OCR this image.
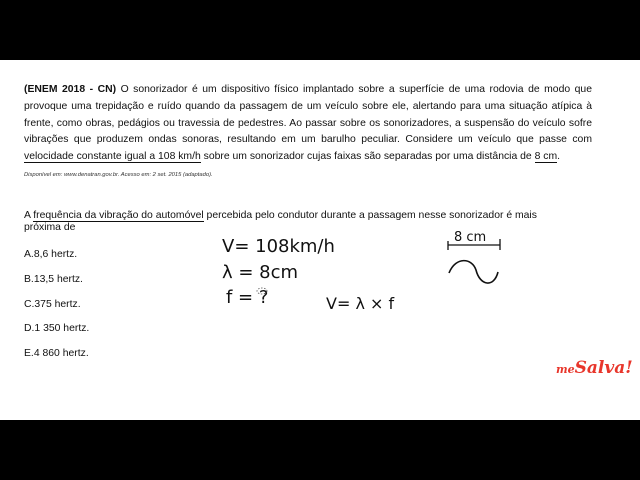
(ENEM 2018 - CN) O sonorizador é um dispositivo físico implantado sobre a superfície de uma rodovia de modo que provoque uma trepidação e ruído quando da passagem de um veículo sobre ele, alertando para uma situação atípica à frente, como obras, pedágios ou travessia de pedestres. Ao passar sobre os sonorizadores, a suspensão do veículo sofre vibrações que produzem ondas sonoras, resultando em um barulho peculiar. Considere um veículo que passe com velocidade constante igual a 108 km/h sobre um sonorizador cujas faixas são separadas por uma distância de 8 cm.
Disponível em: www.denatran.gov.br. Acesso em: 2 set. 2015 (adaptado).
A frequência da vibração do automóvel percebida pelo condutor durante a passagem nesse sonorizador é mais próxima de
A.8,6 hertz.
B.13,5 hertz.
C.375 hertz.
D.1 350 hertz.
E.4 860 hertz.
V= 108km/h
λ = 8cm
f = ?	V= λ × f
8 cm
meSalva!
